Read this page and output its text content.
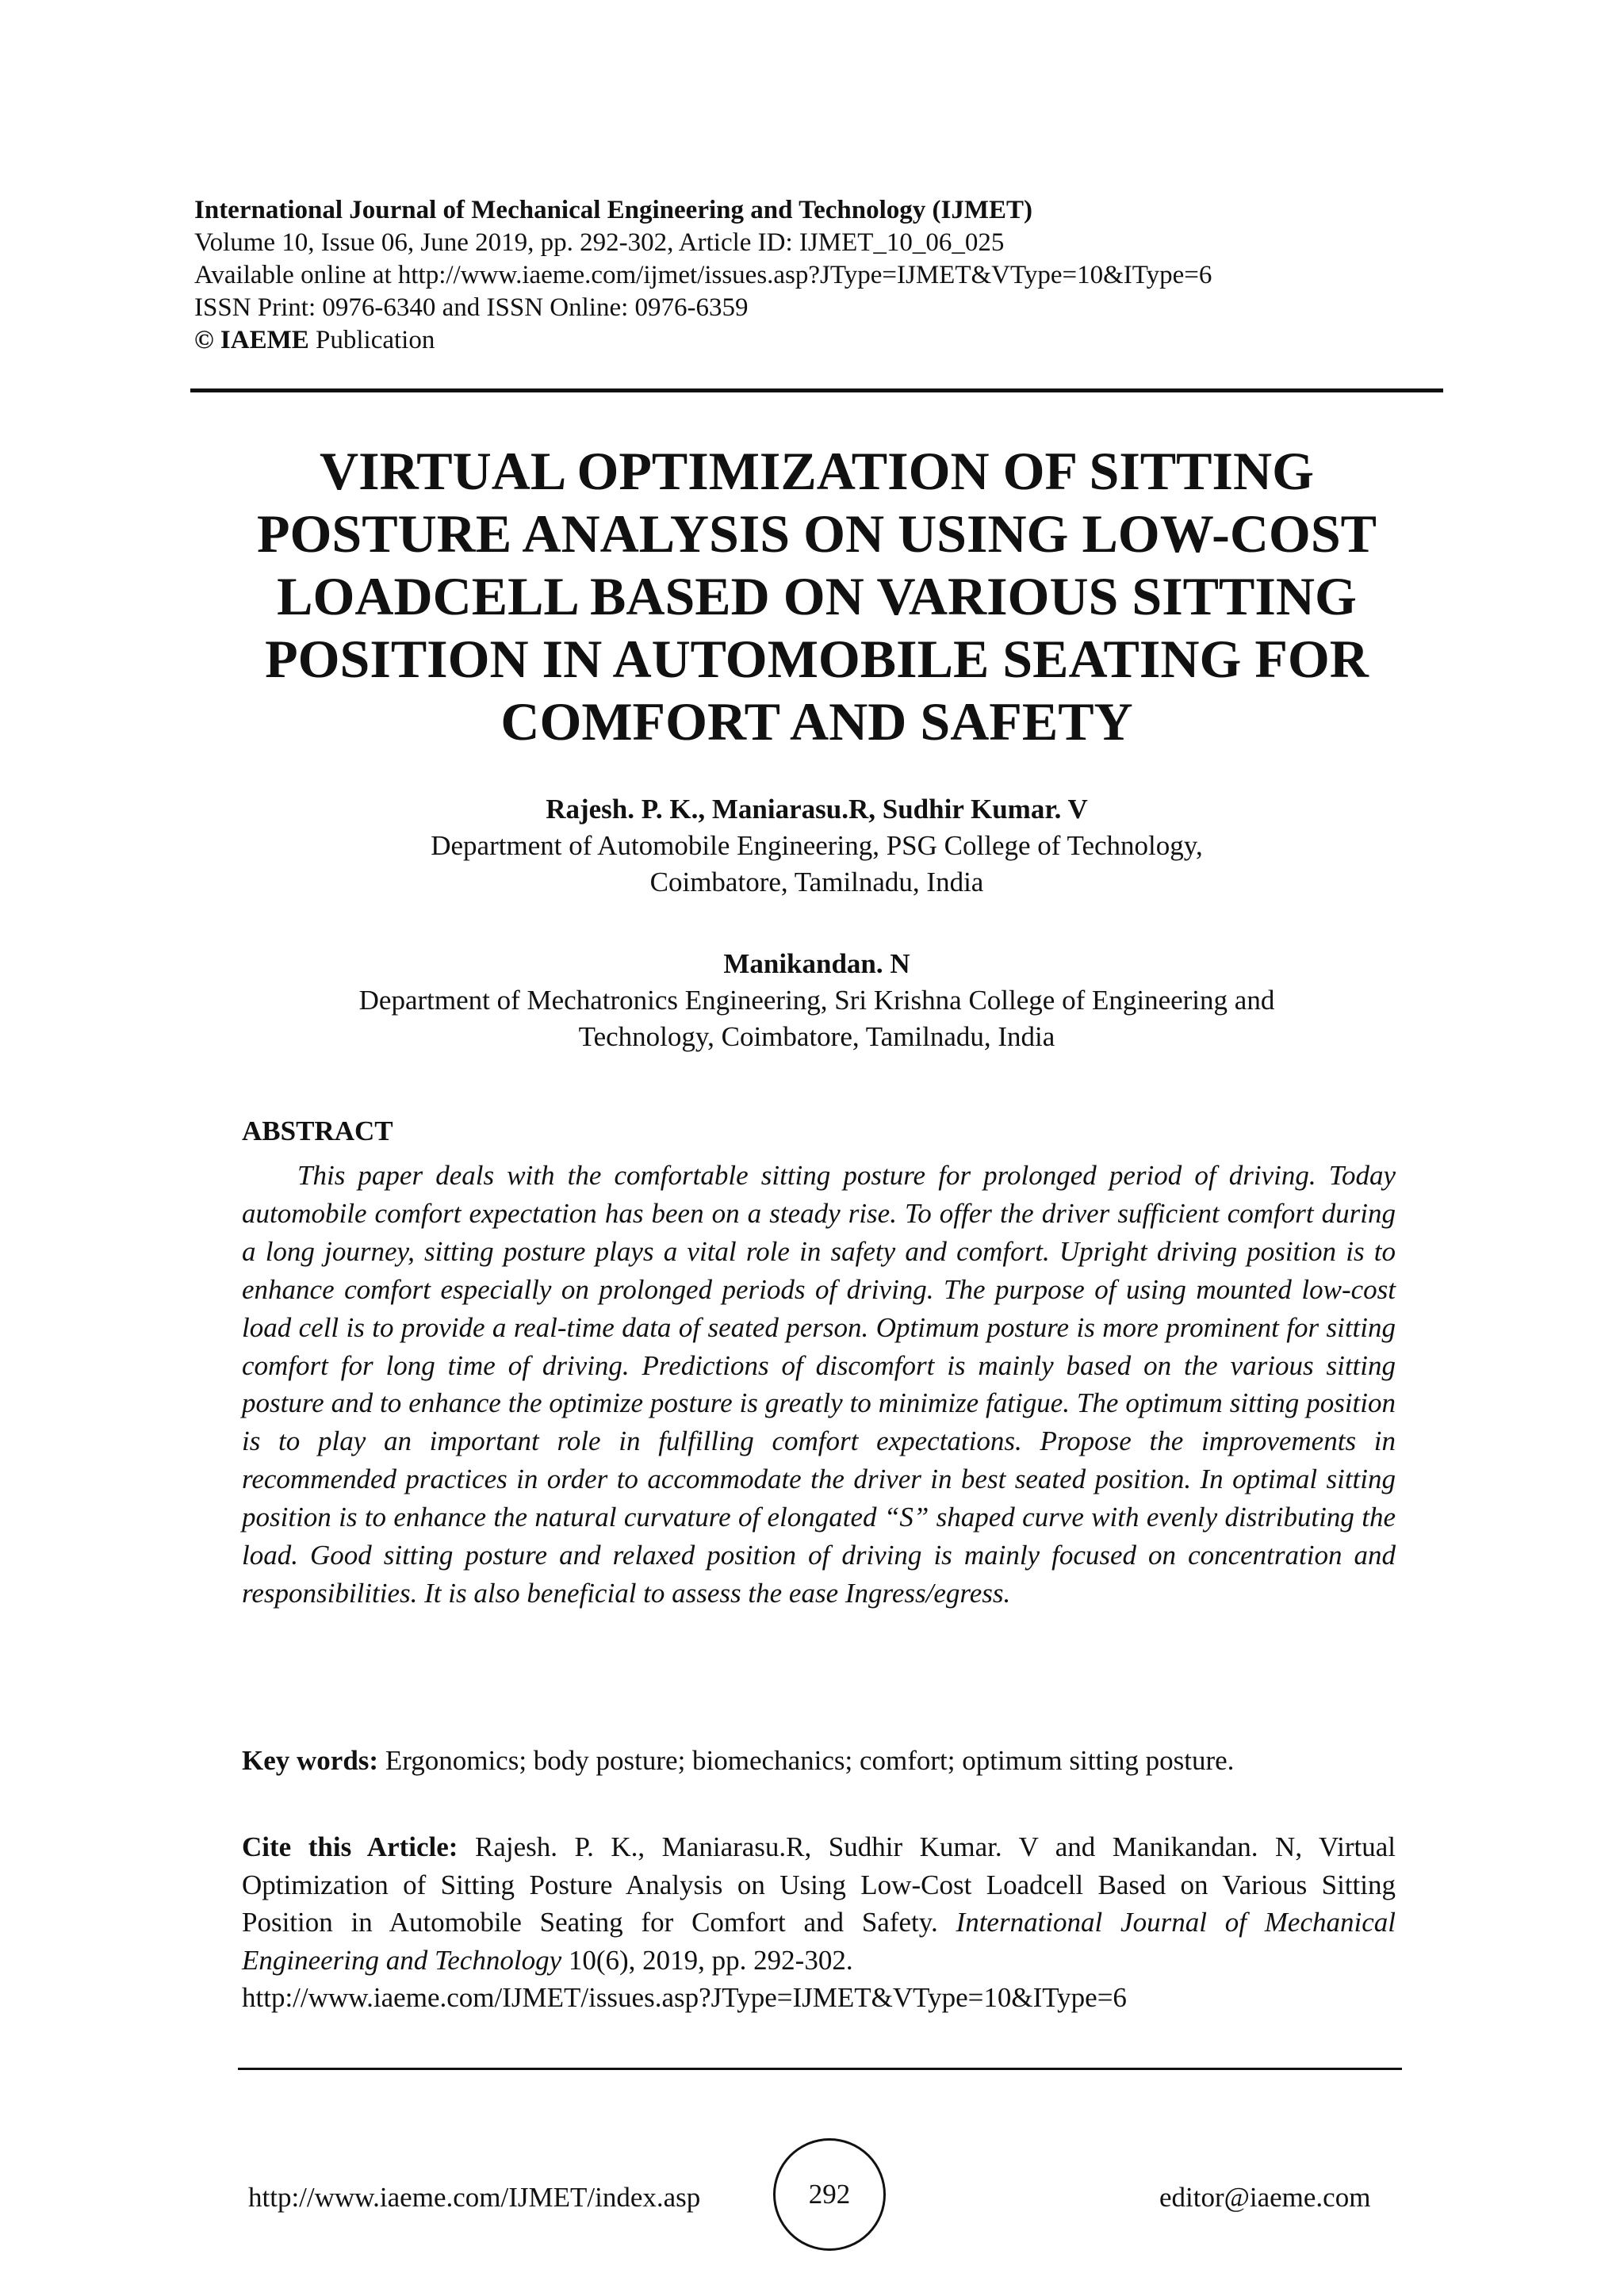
International Journal of Mechanical Engineering and Technology (IJMET)
Volume 10, Issue 06, June 2019, pp. 292-302, Article ID: IJMET_10_06_025
Available online at http://www.iaeme.com/ijmet/issues.asp?JType=IJMET&VType=10&IType=6
ISSN Print: 0976-6340 and ISSN Online: 0976-6359
© IAEME Publication
VIRTUAL OPTIMIZATION OF SITTING
POSTURE ANALYSIS ON USING LOW-COST
LOADCELL BASED ON VARIOUS SITTING
POSITION IN AUTOMOBILE SEATING FOR
COMFORT AND SAFETY
Rajesh. P. K., Maniarasu.R, Sudhir Kumar. V
Department of Automobile Engineering, PSG College of Technology,
Coimbatore, Tamilnadu, India
Manikandan. N
Department of Mechatronics Engineering, Sri Krishna College of Engineering and
Technology, Coimbatore, Tamilnadu, India
ABSTRACT

This paper deals with the comfortable sitting posture for prolonged period of driving. Today automobile comfort expectation has been on a steady rise. To offer the driver sufficient comfort during a long journey, sitting posture plays a vital role in safety and comfort. Upright driving position is to enhance comfort especially on prolonged periods of driving. The purpose of using mounted low-cost load cell is to provide a real-time data of seated person. Optimum posture is more prominent for sitting comfort for long time of driving. Predictions of discomfort is mainly based on the various sitting posture and to enhance the optimize posture is greatly to minimize fatigue. The optimum sitting position is to play an important role in fulfilling comfort expectations. Propose the improvements in recommended practices in order to accommodate the driver in best seated position. In optimal sitting position is to enhance the natural curvature of elongated “S” shaped curve with evenly distributing the load. Good sitting posture and relaxed position of driving is mainly focused on concentration and responsibilities. It is also beneficial to assess the ease Ingress/egress.

Key words: Ergonomics; body posture; biomechanics; comfort; optimum sitting posture.

Cite this Article: Rajesh. P. K., Maniarasu.R, Sudhir Kumar. V and Manikandan. N, Virtual Optimization of Sitting Posture Analysis on Using Low-Cost Loadcell Based on Various Sitting Position in Automobile Seating for Comfort and Safety. International Journal of Mechanical Engineering and Technology 10(6), 2019, pp. 292-302.
http://www.iaeme.com/IJMET/issues.asp?JType=IJMET&VType=10&IType=6

http://www.iaeme.com/IJMET/index.asp	292	editor@iaeme.com
